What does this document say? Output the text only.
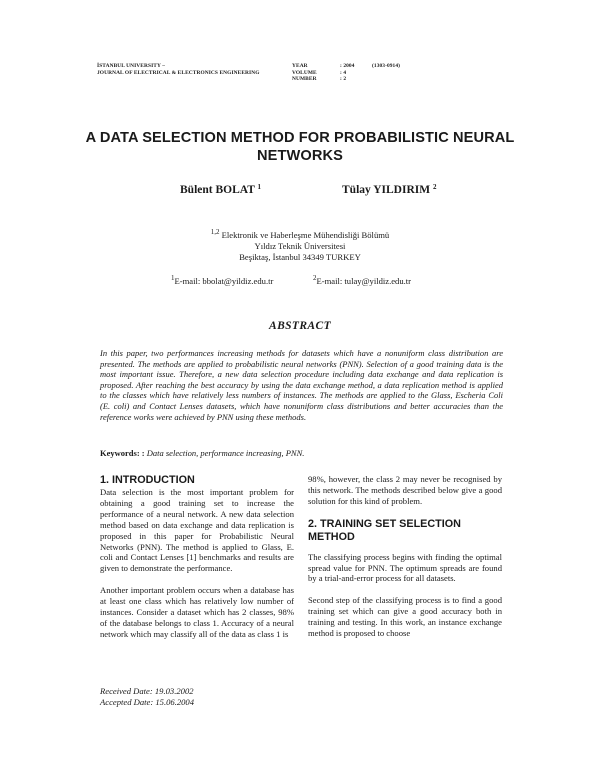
İSTANBUL UNIVERSITY –
JOURNAL OF ELECTRICAL & ELECTRONICS ENGINEERING
YEAR	: 2004	(1303-0914)
VOLUME	: 4
NUMBER	: 2
A DATA SELECTION METHOD FOR PROBABILISTIC NEURAL NETWORKS
Bülent BOLAT $^1$	Tülay YILDIRIM $^2$
$^{1,2}$ Elektronik ve Haberleşme Mühendisliği Bölümü
Yıldız Teknik Üniversitesi
Beşiktaş, İstanbul 34349 TURKEY
$^1$E-mail: bbolat@yildiz.edu.tr	$^2$E-mail: tulay@yildiz.edu.tr
ABSTRACT
In this paper, two performances increasing methods for datasets which have a nonuniform class distribution are presented. The methods are applied to probabilistic neural networks (PNN). Selection of a good training data is the most important issue. Therefore, a new data selection procedure including data exchange and data replication is proposed. After reaching the best accuracy by using the data exchange method, a data replication method is applied to the classes which have relatively less numbers of instances. The methods are applied to the Glass, Escheria Coli (E. coli) and Contact Lenses datasets, which have nonuniform class distributions and better accuracies than the reference works were achieved by PNN using these methods.
Keywords: : Data selection, performance increasing, PNN.
1. INTRODUCTION

Data selection is the most important problem for obtaining a good training set to increase the performance of a neural network. A new data selection method based on data exchange and data replication is proposed in this paper for Probabilistic Neural Networks (PNN). The method is applied to Glass, E. coli and Contact Lenses [1] benchmarks and results are given to demonstrate the performance.

Another important problem occurs when a database has at least one class which has relatively low number of instances. Consider a dataset which has 2 classes, 98% of the database belongs to class 1. Accuracy of a neural network which may classify all of the data as class 1 is

98%, however, the class 2 may never be recognised by this network. The methods described below give a good solution for this kind of problem.

2. TRAINING SET SELECTION METHOD

The classifying process begins with finding the optimal spread value for PNN. The optimum spreads are found by a trial-and-error process for all datasets.

Second step of the classifying process is to find a good training set which can give a good accuracy both in training and testing. In this work, an instance exchange method is proposed to choose

Received Date: 19.03.2002
Accepted Date: 15.06.2004
